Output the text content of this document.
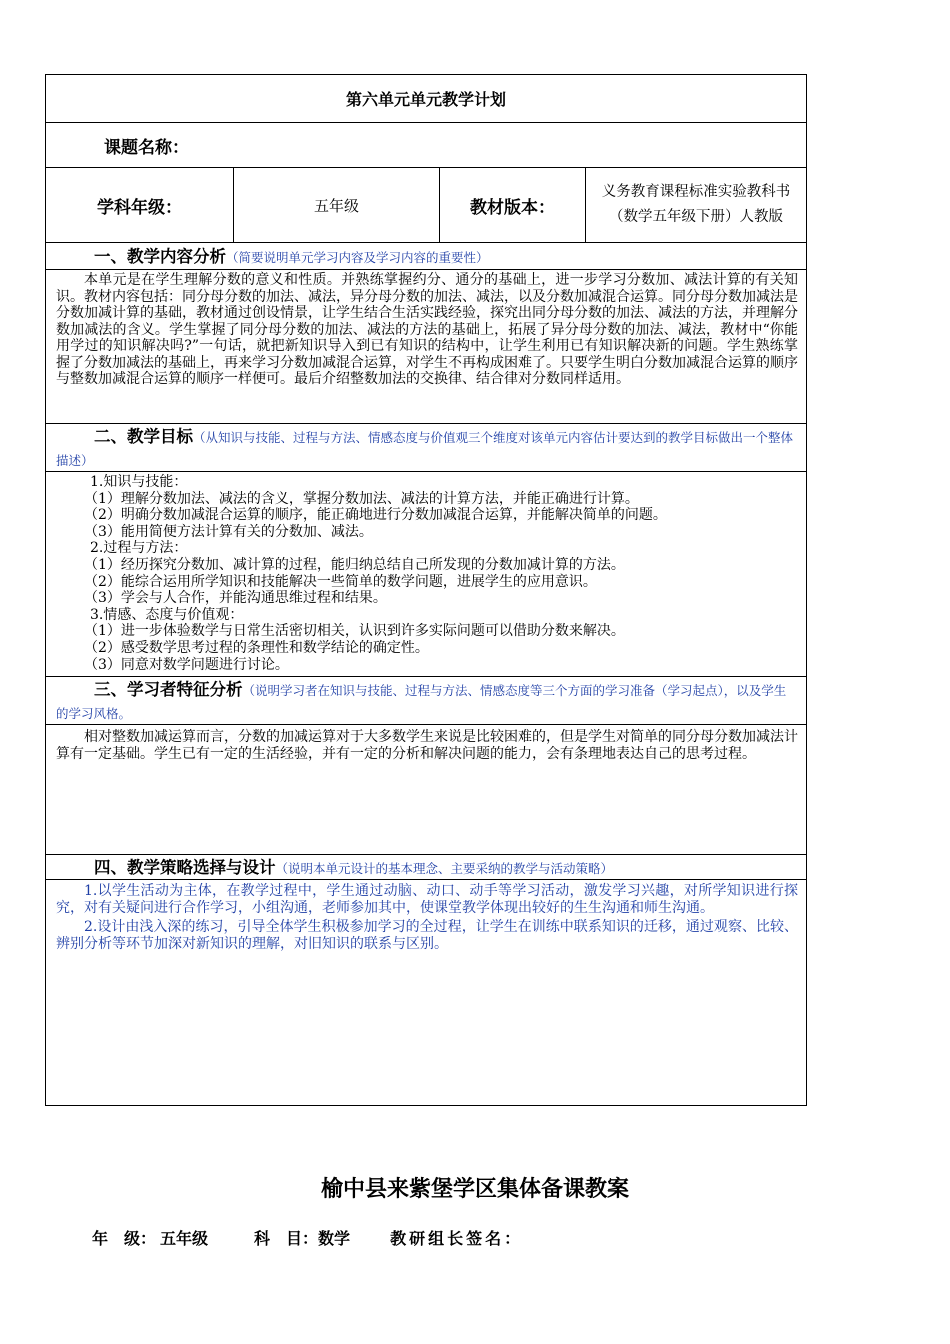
第六单元单元教学计划
课题名称：
学科年级：	五年级	教材版本：
义务教育课程标准实验教科书（数学五年级下册）人教版
一、教学内容分析（简要说明单元学习内容及学习内容的重要性）
本单元是在学生理解分数的意义和性质。并熟练掌握约分、通分的基础上，进一步学习分数加、减法计算的有关知识。教材内容包括：同分母分数的加法、减法，异分母分数的加法、减法，以及分数加减混合运算。同分母分数加减法是分数加减计算的基础，教材通过创设情景，让学生结合生活实践经验，探究出同分母分数的加法、减法的方法，并理解分数加减法的含义。学生掌握了同分母分数的加法、减法的方法的基础上，拓展了异分母分数的加法、减法，教材中“你能用学过的知识解决吗?”一句话，就把新知识导入到已有知识的结构中，让学生利用已有知识解决新的问题。学生熟练掌握了分数加减法的基础上，再来学习分数加减混合运算，对学生不再构成困难了。只要学生明白分数加减混合运算的顺序与整数加减混合运算的顺序一样便可。最后介绍整数加法的交换律、结合律对分数同样适用。
二、教学目标（从知识与技能、过程与方法、情感态度与价值观三个维度对该单元内容估计要达到的教学目标做出一个整体描述）
1.知识与技能：
（1）理解分数加法、减法的含义，掌握分数加法、减法的计算方法，并能正确进行计算。
（2）明确分数加减混合运算的顺序，能正确地进行分数加减混合运算，并能解决简单的问题。
（3）能用简便方法计算有关的分数加、减法。
2.过程与方法：
（1）经历探究分数加、减计算的过程，能归纳总结自己所发现的分数加减计算的方法。
（2）能综合运用所学知识和技能解决一些简单的数学问题，进展学生的应用意识。
（3）学会与人合作，并能沟通思维过程和结果。
3.情感、态度与价值观：
（1）进一步体验数学与日常生活密切相关，认识到许多实际问题可以借助分数来解决。
（2）感受数学思考过程的条理性和数学结论的确定性。
（3）同意对数学问题进行讨论。
三、学习者特征分析（说明学习者在知识与技能、过程与方法、情感态度等三个方面的学习准备（学习起点），以及学生的学习风格。
相对整数加减运算而言，分数的加减运算对于大多数学生来说是比较困难的，但是学生对简单的同分母分数加减法计算有一定基础。学生已有一定的生活经验，并有一定的分析和解决问题的能力，会有条理地表达自己的思考过程。
四、教学策略选择与设计（说明本单元设计的基本理念、主要采纳的教学与活动策略）
1.以学生活动为主体，在教学过程中，学生通过动脑、动口、动手等学习活动，激发学习兴趣，对所学知识进行探究，对有关疑问进行合作学习，小组沟通，老师参加其中，使课堂教学体现出较好的生生沟通和师生沟通。
2.设计由浅入深的练习，引导全体学生积极参加学习的全过程，让学生在训练中联系知识的迁移，通过观察、比较、辨别分析等环节加深对新知识的理解，对旧知识的联系与区别。
榆中县来紫堡学区集体备课教案
年　级： 五年级	科　目： 数学	教研组长签名：
